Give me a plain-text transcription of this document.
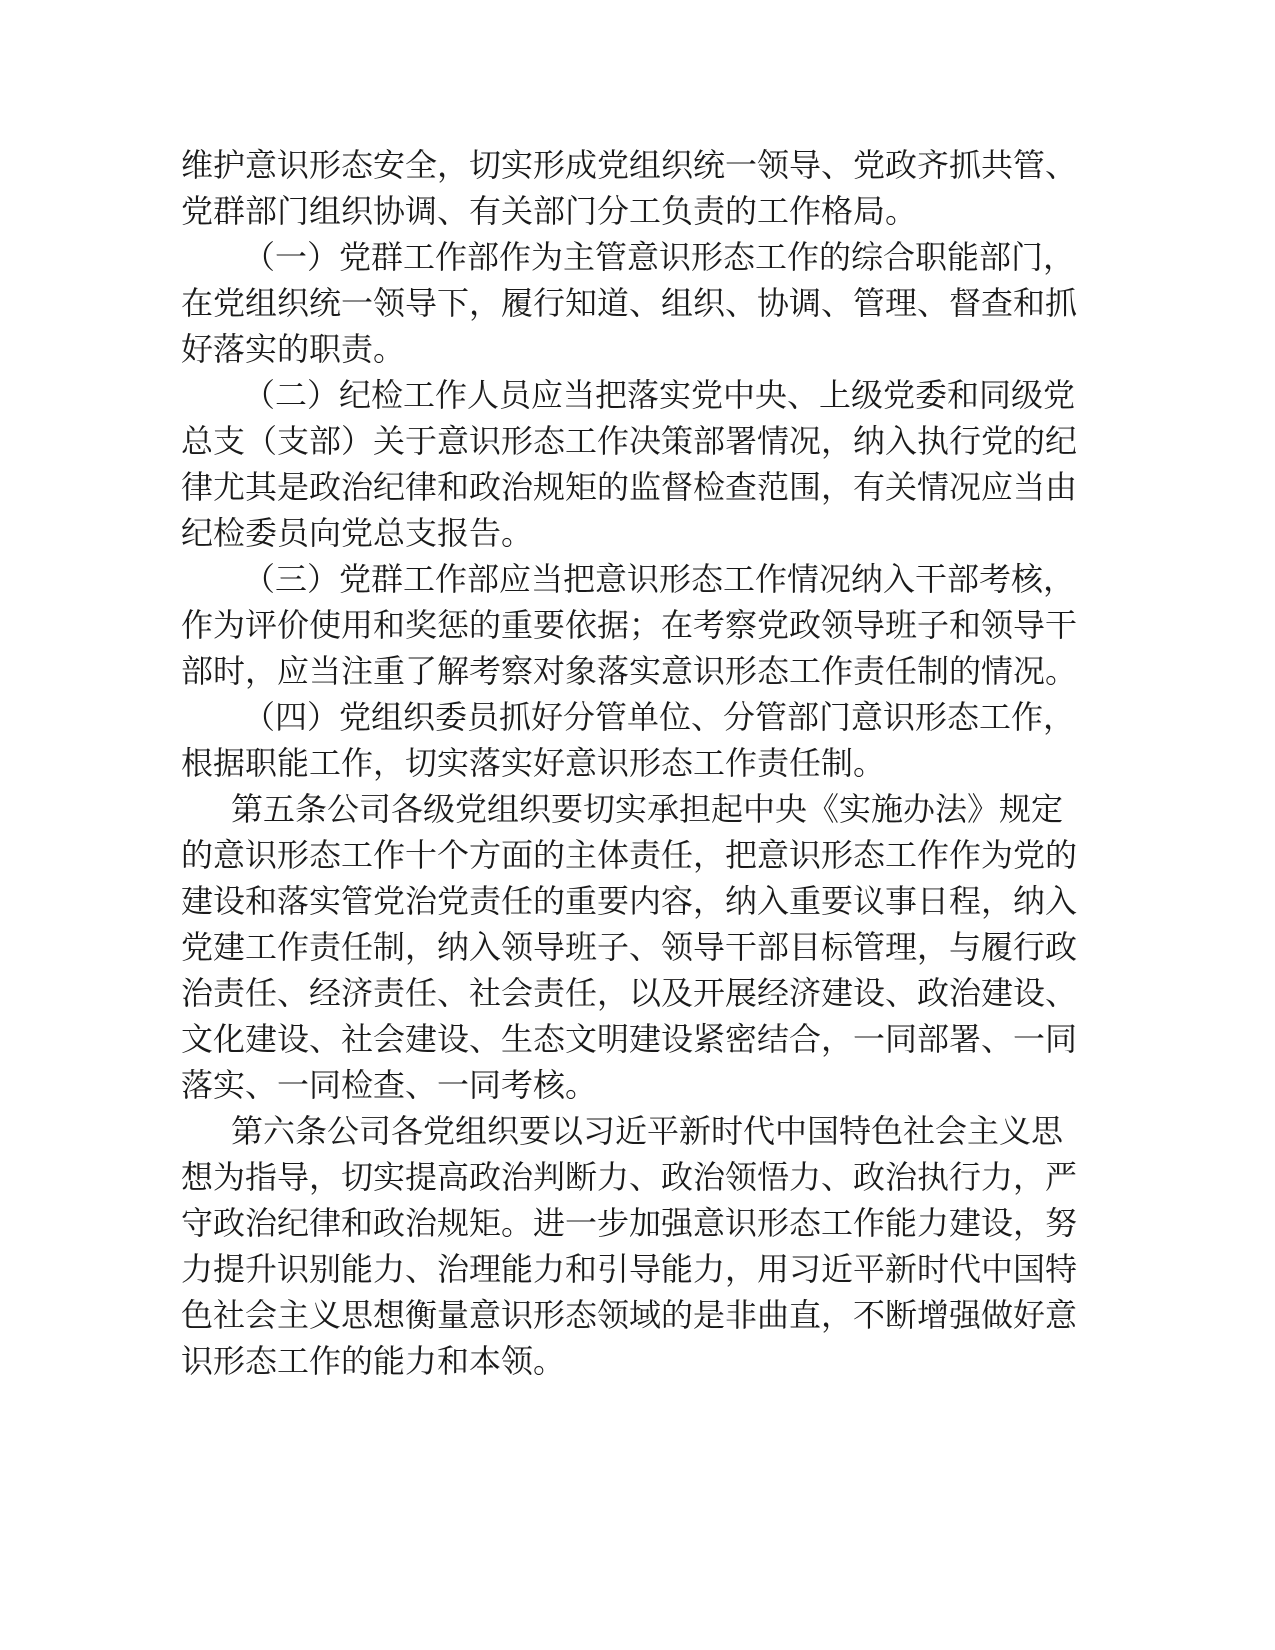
维护意识形态安全，切实形成党组织统一领导、党政齐抓共管、党群部门组织协调、有关部门分工负责的工作格局。

（一）党群工作部作为主管意识形态工作的综合职能部门，在党组织统一领导下，履行知道、组织、协调、管理、督查和抓好落实的职责。

（二）纪检工作人员应当把落实党中央、上级党委和同级党总支（支部）关于意识形态工作决策部署情况，纳入执行党的纪律尤其是政治纪律和政治规矩的监督检查范围，有关情况应当由纪检委员向党总支报告。

（三）党群工作部应当把意识形态工作情况纳入干部考核，作为评价使用和奖惩的重要依据；在考察党政领导班子和领导干部时，应当注重了解考察对象落实意识形态工作责任制的情况。

（四）党组织委员抓好分管单位、分管部门意识形态工作，根据职能工作，切实落实好意识形态工作责任制。

第五条公司各级党组织要切实承担起中央《实施办法》规定的意识形态工作十个方面的主体责任，把意识形态工作作为党的建设和落实管党治党责任的重要内容，纳入重要议事日程，纳入党建工作责任制，纳入领导班子、领导干部目标管理，与履行政治责任、经济责任、社会责任，以及开展经济建设、政治建设、文化建设、社会建设、生态文明建设紧密结合，一同部署、一同落实、一同检查、一同考核。

第六条公司各党组织要以习近平新时代中国特色社会主义思想为指导，切实提高政治判断力、政治领悟力、政治执行力，严守政治纪律和政治规矩。进一步加强意识形态工作能力建设，努力提升识别能力、治理能力和引导能力，用习近平新时代中国特色社会主义思想衡量意识形态领域的是非曲直，不断增强做好意识形态工作的能力和本领。
